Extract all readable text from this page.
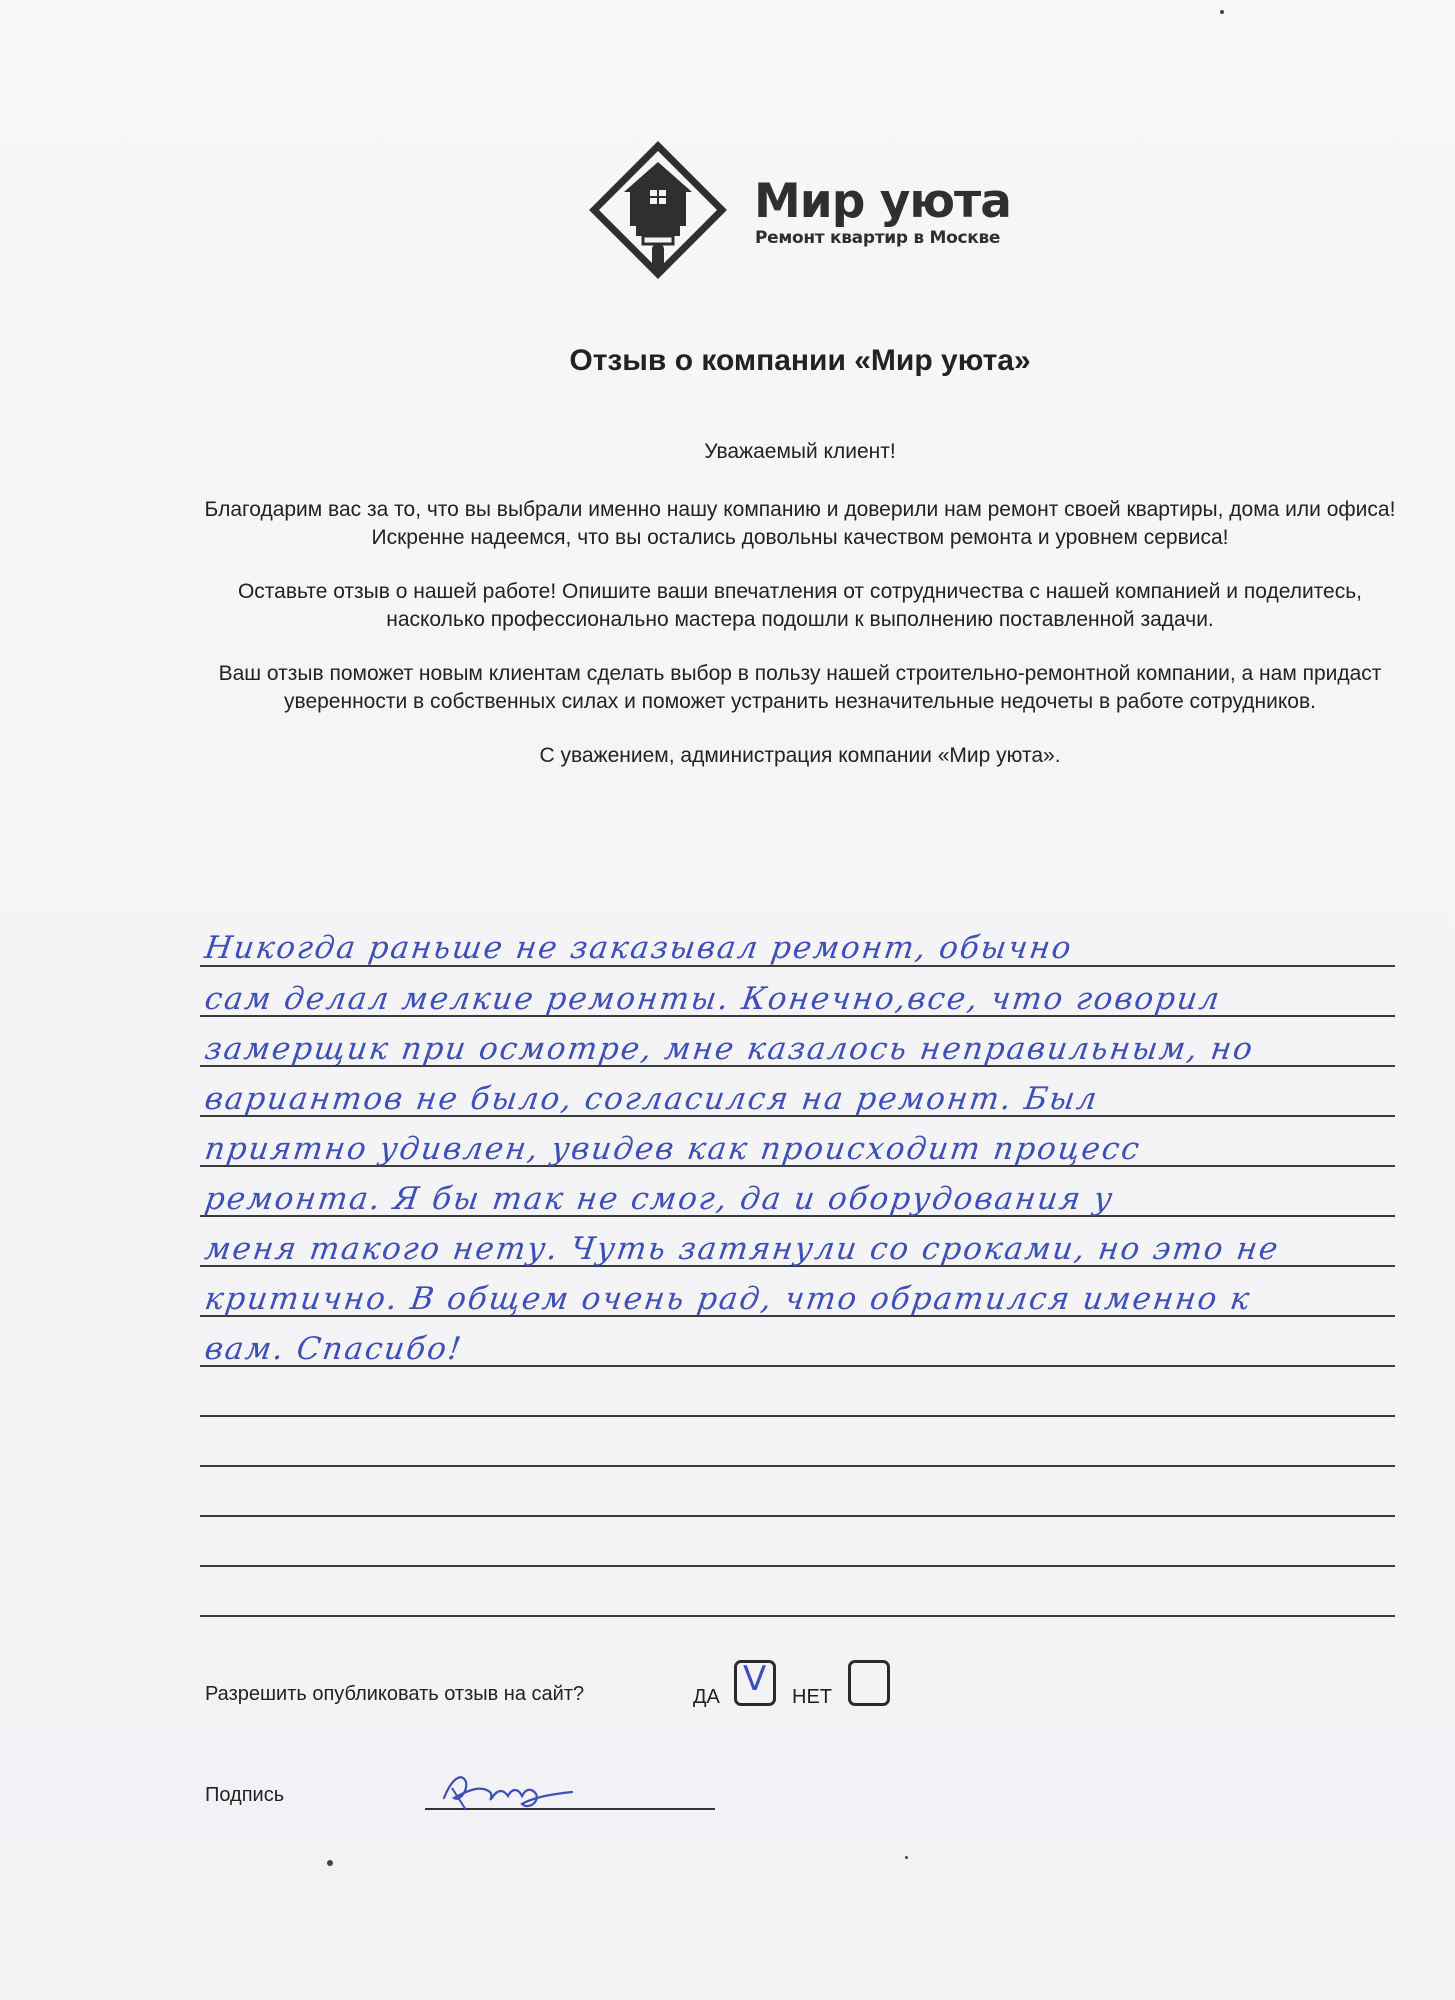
Мир уюта
Ремонт квартир в Москве
Отзыв о компании «Мир уюта»

Уважаемый клиент!

Благодарим вас за то, что вы выбрали именно нашу компанию и доверили нам ремонт своей квартиры, дома или офиса! Искренне надеемся, что вы остались довольны качеством ремонта и уровнем сервиса!

Оставьте отзыв о нашей работе! Опишите ваши впечатления от сотрудничества с нашей компанией и поделитесь, насколько профессионально мастера подошли к выполнению поставленной задачи.

Ваш отзыв поможет новым клиентам сделать выбор в пользу нашей строительно-ремонтной компании, а нам придаст уверенности в собственных силах и поможет устранить незначительные недочеты в работе сотрудников.

С уважением, администрация компании «Мир уюта».

Никогда раньше не заказывал ремонт, обычно
сам делал мелкие ремонты. Конечно,все, что говорил
замерщик при осмотре, мне казалось неправильным, но
вариантов не было, согласился на ремонт. Был
приятно удивлен, увидев как происходит процесс
ремонта. Я бы так не смог, да и оборудования у
меня такого нету. Чуть затянули со сроками, но это не
критично. В общем очень рад, что обратился именно к
вам. Спасибо!
Разрешить опубликовать отзыв на сайт?	ДА V НЕТ
Подпись
